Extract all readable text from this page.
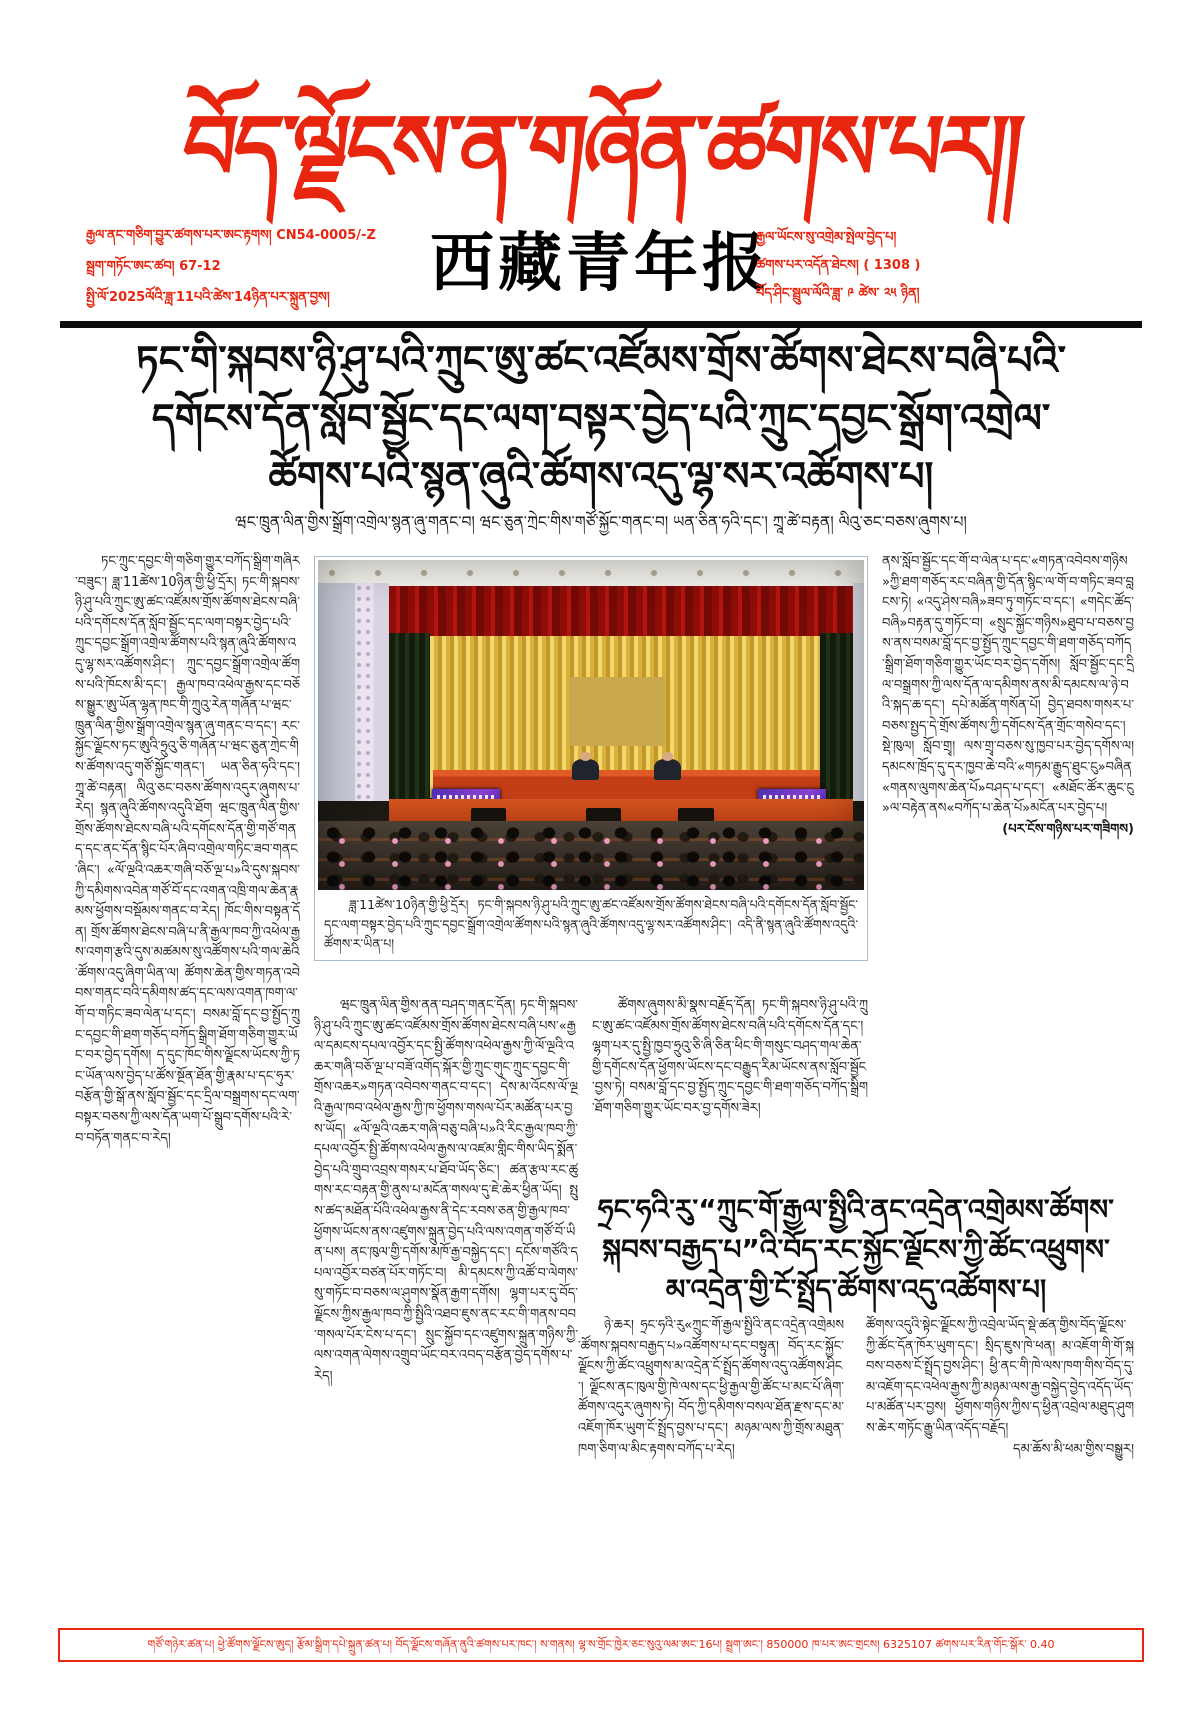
བོད་ལྗོངས་ན་གཞོན་ཚགས་པར།།
རྒྱལ་ནང་གཅིག་བྱུར་ཚགས་པར་ཨང་རྟགས། CN54-0005/-Z
སྦྲག་གཏོང་ཨང་ཚབ། 67-12
སྤྱི་ལོ་2025ལོའི་ཟླ་11པའི་ཚེས་14ཉིན་པར་སྐྲུན་བྱས།	西藏青年报
རྒྱལ་ཡོངས་སུ་འགྲེམ་སྤེལ་བྱེད་པ།
ཚགས་པར་འདོན་ཐེངས། ( 1308 )
བོད་ཤིང་སྦྲུལ་ལོའི་ཟླ་ ༩ ཚེས་ ༢༥ ཉིན།
ཏང་གི་སྐབས་ཉི་ཤུ་པའི་ཀྲུང་ཨུ་ཚང་འཛོམས་གྲོས་ཚོགས་ཐེངས་བཞི་པའི་
དགོངས་དོན་སློབ་སྦྱོང་དང་ལག་བསྟར་བྱེད་པའི་ཀྲུང་དབྱང་སྒྲོག་འགྲེལ་
ཚོགས་པའི་སྙན་ཞུའི་ཚོགས་འདུ་ལྷ་སར་འཚོགས་པ།
ཝང་ཁྲུན་ལིན་གྱིས་སྒྲོག་འགྲེལ་སྙན་ཞུ་གནང་བ། ཝང་ཅུན་ཀྲེང་གིས་གཙོ་སྐྱོང་གནང་བ། ཡན་ཅིན་ཧའི་དང་། ཀྲཱ་ཚེ་བརྟན། ལིའུ་ཅང་བཅས་ཞུགས་པ།

ཏང་ཀྲུང་དབྱང་གི་གཅིག་གྱུར་བཀོད་སྒྲིག་གཞིར་བཟུང་། ཟླ་11ཚེས་10ཉིན་གྱི་ཕྱི་དྲོར། ཏང་གི་སྐབས་ཉི་ཤུ་པའི་ཀྲུང་ཨུ་ཚང་འཛོམས་གྲོས་ཚོགས་ཐེངས་བཞི་པའི་དགོངས་དོན་སློབ་སྦྱོང་དང་ལག་བསྟར་བྱེད་པའི་ཀྲུང་དབྱང་སྒྲོག་འགྲེལ་ཚོགས་པའི་སྙན་ཞུའི་ཚོགས་འདུ་ལྷ་སར་འཚོགས་ཤིང་། ཀྲུང་དབྱང་སྒྲོག་འགྲེལ་ཚོགས་པའི་ཁོངས་མི་དང་། རྒྱལ་ཁབ་འཕེལ་རྒྱས་དང་བཅོས་སྒྱུར་ཨུ་ཡོན་ལྷན་ཁང་གི་ཀྲུའུ་རེན་གཞོན་པ་ཝང་ཁྲུན་ལིན་གྱིས་སྒྲོག་འགྲེལ་སྙན་ཞུ་གནང་བ་དང་། རང་སྐྱོང་ལྗོངས་ཏང་ཨུའི་ཧྲུའུ་ཅི་གཞོན་པ་ཝང་ཅུན་ཀྲེང་གིས་ཚོགས་འདུ་གཙོ་སྐྱོང་གནང་། ཡན་ཅིན་ཧའི་དང་། ཀྲཱ་ཚེ་བརྟན། ལིའུ་ཅང་བཅས་ཚོགས་འདུར་ཞུགས་པ་རེད། སྙན་ཞུའི་ཚོགས་འདུའི་ཐོག ཝང་ཁྲུན་ལིན་གྱིས་གྲོས་ཚོགས་ཐེངས་བཞི་པའི་དགོངས་དོན་གྱི་གཙོ་གནད་དང་ནང་དོན་སྙིང་པོར་ཞིབ་འགྲེལ་གཏིང་ཟབ་གནང་ཞིང་། «ལོ་ལྔའི་འཆར་གཞི་བཅོ་ལྔ་པ»འི་དུས་སྐབས་ཀྱི་དམིགས་འབེན་གཙོ་བོ་དང་འགན་འཁྲི་གལ་ཆེན་རྣམས་ཕྱོགས་བསྡོམས་གནང་བ་རེད། ཁོང་གིས་བསྟན་དོན། གྲོས་ཚོགས་ཐེངས་བཞི་པ་ནི་རྒྱལ་ཁབ་ཀྱི་འཕེལ་རྒྱས་འགག་རྩའི་དུས་མཚམས་སུ་འཚོགས་པའི་གལ་ཆེའི་ཚོགས་འདུ་ཞིག་ཡིན་ལ། ཚོགས་ཆེན་གྱིས་གཏན་འབེབས་གནང་བའི་དམིགས་ཚད་དང་ལས་འགན་ཁག་ལ་གོ་བ་གཏིང་ཟབ་ལེན་པ་དང་། བསམ་བློ་དང་བྱ་སྤྱོད་ཀྲུང་དབྱང་གི་ཐག་གཅོད་བཀོད་སྒྲིག་ཐོག་གཅིག་གྱུར་ཡོང་བར་བྱེད་དགོས། ད་དུང་ཁོང་གིས་ལྗོངས་ཡོངས་ཀྱི་ཏང་ཡོན་ལས་བྱེད་པ་ཚོས་སྔོན་ཐོན་གྱི་རྣམ་པ་དང་ཧུར་བརྩོན་གྱི་སྒོ་ནས་སློབ་སྦྱོང་དང་དྲིལ་བསྒྲགས་དང་ལག་བསྟར་བཅས་ཀྱི་ལས་དོན་ཡག་པོ་སྒྲུབ་དགོས་པའི་རེ་བ་བཏོན་གནང་བ་རེད།

ཝང་ཁྲུན་ལིན་གྱིས་ནན་བཤད་གནང་དོན། ཏང་གི་སྐབས་ཉི་ཤུ་པའི་ཀྲུང་ཨུ་ཚང་འཛོམས་གྲོས་ཚོགས་ཐེངས་བཞི་པས་«རྒྱལ་དམངས་དཔལ་འབྱོར་དང་སྤྱི་ཚོགས་འཕེལ་རྒྱས་ཀྱི་ལོ་ལྔའི་འཆར་གཞི་བཅོ་ལྔ་པ་བཟོ་འགོད་སྐོར་གྱི་ཀྲུང་གུང་ཀྲུང་དབྱང་གི་གྲོས་འཆར»གཏན་འབེབས་གནང་བ་དང་། དེས་མ་འོངས་ལོ་ལྔའི་རྒྱལ་ཁབ་འཕེལ་རྒྱས་ཀྱི་ཁ་ཕྱོགས་གསལ་པོར་མཚོན་པར་བྱས་ཡོད། «ལོ་ལྔའི་འཆར་གཞི་བཅུ་བཞི་པ»འི་རིང་རྒྱལ་ཁབ་ཀྱི་དཔལ་འབྱོར་སྤྱི་ཚོགས་འཕེལ་རྒྱས་ལ་འཛམ་གླིང་གིས་ཡིད་སྨོན་བྱེད་པའི་གྲུབ་འབྲས་གསར་པ་ཐོབ་ཡོད་ཅིང་། ཚན་རྩལ་རང་ཚུགས་རང་བརྟན་གྱི་ནུས་པ་མངོན་གསལ་དུ་ཇེ་ཆེར་ཕྱིན་ཡོད། སྤུས་ཚད་མཐོན་པོའི་འཕེལ་རྒྱས་ནི་དེང་རབས་ཅན་གྱི་རྒྱལ་ཁབ་ཕྱོགས་ཡོངས་ནས་འཛུགས་སྐྲུན་བྱེད་པའི་ལས་འགན་གཙོ་བོ་ཡིན་པས། ནང་ཁུལ་གྱི་དགོས་མཁོ་རྒྱ་བསྐྱེད་དང་། དངོས་གཙོའི་དཔལ་འབྱོར་བཙན་པོར་གཏོང་བ། མི་དམངས་ཀྱི་འཚོ་བ་ལེགས་སུ་གཏོང་བ་བཅས་ལ་ཤུགས་སྣོན་རྒྱག་དགོས། ལྷག་པར་དུ་བོད་ལྗོངས་ཀྱིས་རྒྱལ་ཁབ་ཀྱི་སྤྱིའི་འཐབ་ཇུས་ནང་རང་གི་གནས་བབ་གསལ་པོར་ངེས་པ་དང་། སྲུང་སྐྱོབ་དང་འཛུགས་སྐྲུན་གཉིས་ཀྱི་ལས་འགན་ལེགས་འགྲུབ་ཡོང་བར་འབད་བརྩོན་བྱེད་དགོས་པ་རེད།

ཚོགས་ཞུགས་མི་སྣས་བརྗོད་དོན། ཏང་གི་སྐབས་ཉི་ཤུ་པའི་ཀྲུང་ཨུ་ཚང་འཛོམས་གྲོས་ཚོགས་ཐེངས་བཞི་པའི་དགོངས་དོན་དང་། ལྷག་པར་དུ་སྤྱི་ཁྱབ་ཧྲུའུ་ཅི་ཞི་ཅིན་ཕིང་གི་གསུང་བཤད་གལ་ཆེན་གྱི་དགོངས་དོན་ཕྱོགས་ཡོངས་དང་བརྒྱུད་རིམ་ཡོངས་ནས་སློབ་སྦྱོང་བྱས་ཏེ། བསམ་བློ་དང་བྱ་སྤྱོད་ཀྲུང་དབྱང་གི་ཐག་གཅོད་བཀོད་སྒྲིག་ཐོག་གཅིག་གྱུར་ཡོང་བར་བྱ་དགོས་ཟེར།

ནས་སློབ་སྦྱོང་དང་གོ་བ་ལེན་པ་དང་«གཏན་འབེབས་གཉིས»ཀྱི་ཐག་གཅོད་རང་བཞིན་གྱི་དོན་སྙིང་ལ་གོ་བ་གཏིང་ཟབ་བླངས་ཏེ། «འདུ་ཤེས་བཞི»ཟབ་ཏུ་གཏོང་བ་དང་། «གདེང་ཚོད་བཞི»བརྟན་དུ་གཏོང་བ། «སྲུང་སྐྱོང་གཉིས»ཐུབ་པ་བཅས་བྱས་ནས་བསམ་བློ་དང་བྱ་སྤྱོད་ཀྲུང་དབྱང་གི་ཐག་གཅོད་བཀོད་སྒྲིག་ཐོག་གཅིག་གྱུར་ཡོང་བར་བྱེད་དགོས། སློབ་སྦྱོང་དང་དྲིལ་བསྒྲགས་ཀྱི་ལས་དོན་ལ་དམིགས་ནས་མི་དམངས་ལ་ཉེ་བའི་སྐད་ཆ་དང་། དཔེ་མཚོན་གསོན་པོ། བྱེད་ཐབས་གསར་པ་བཅས་སྤྱད་དེ་གྲོས་ཚོགས་ཀྱི་དགོངས་དོན་གྲོང་གསེབ་དང་། སྡེ་ཁུལ། སློབ་གྲྭ། ལས་གྲྭ་བཅས་སུ་ཁྱབ་པར་བྱེད་དགོས་ལ། དམངས་ཁྲོད་དུ་དར་ཁྱབ་ཆེ་བའི་«གཏམ་རྒྱུད་ཐུང་ངུ»བཞིན«གནས་ལུགས་ཆེན་པོ»བཤད་པ་དང་། «མཐོང་ཚོར་ཆུང་ངུ»ལ་བརྟེན་ནས«བཀོད་པ་ཆེན་པོ»མངོན་པར་བྱེད་པ།

(པར་ངོས་གཉིས་པར་གཟིགས)

ཟླ་11ཚེས་10ཉིན་གྱི་ཕྱི་དྲོར། ཏང་གི་སྐབས་ཉི་ཤུ་པའི་ཀྲུང་ཨུ་ཚང་འཛོམས་གྲོས་ཚོགས་ཐེངས་བཞི་པའི་དགོངས་དོན་སློབ་སྦྱོང་དང་ལག་བསྟར་བྱེད་པའི་ཀྲུང་དབྱང་སྒྲོག་འགྲེལ་ཚོགས་པའི་སྙན་ཞུའི་ཚོགས་འདུ་ལྷ་སར་འཚོགས་ཤིང་། འདི་ནི་སྙན་ཞུའི་ཚོགས་འདུའི་ཚོགས་ར་ཡིན་པ།
ཧྲང་ཧའི་རུ་“ཀྲུང་གོ་རྒྱལ་སྤྱིའི་ནང་འདྲེན་འགྲེམས་ཚོགས་
སྐབས་བརྒྱད་པ”འི་བོད་རང་སྐྱོང་ལྗོངས་ཀྱི་ཚོང་འཕྲུགས་
མ་འདྲེན་གྱི་ངོ་སྤྲོད་ཚོགས་འདུ་འཚོགས་པ།

ཉེ་ཆར། ཧྲང་ཧའི་རུ«ཀྲུང་གོ་རྒྱལ་སྤྱིའི་ནང་འདྲེན་འགྲེམས་ཚོགས་སྐབས་བརྒྱད་པ»འཚོགས་པ་དང་བསྟུན། བོད་རང་སྐྱོང་ལྗོངས་ཀྱི་ཚོང་འཕྲུགས་མ་འདྲེན་ངོ་སྤྲོད་ཚོགས་འདུ་འཚོགས་ཤིང་། ལྗོངས་ནང་ཁུལ་གྱི་ཁེ་ལས་དང་ཕྱི་རྒྱལ་གྱི་ཚོང་པ་མང་པོ་ཞིག་ཚོགས་འདུར་ཞུགས་ཏེ། བོད་ཀྱི་དམིགས་བསལ་ཐོན་རྫས་དང་མ་འཇོག་ཁོར་ཡུག་ངོ་སྤྲོད་བྱས་པ་དང་། མཉམ་ལས་ཀྱི་གྲོས་མཐུན་ཁག་ཅིག་ལ་མིང་རྟགས་བཀོད་པ་རེད།

ཚོགས་འདུའི་སྟེང་ལྗོངས་ཀྱི་འབྲེལ་ཡོད་སྡེ་ཚན་གྱིས་བོད་ལྗོངས་ཀྱི་ཚོང་དོན་ཁོར་ཡུག་དང་། སྲིད་ཇུས་ཁེ་ཕན། མ་འཇོག་གི་གོ་སྐབས་བཅས་ངོ་སྤྲོད་བྱས་ཤིང་། ཕྱི་ནང་གི་ཁེ་ལས་ཁག་གིས་བོད་དུ་མ་འཇོག་དང་འཕེལ་རྒྱས་ཀྱི་མཉམ་ལས་རྒྱ་བསྐྱེད་བྱེད་འདོད་ཡོད་པ་མཚོན་པར་བྱས། ཕྱོགས་གཉིས་ཀྱིས་ད་ཕྱིན་འབྲེལ་མཐུད་ཤུགས་ཆེར་གཏོང་རྒྱུ་ཡིན་འདོད་བརྗོད།

དམ་ཆོས་མི་ཕམ་གྱིས་བསྒྱུར།

གཙོ་གཉེར་ཚན་པ། ཕྱེ་ཚོགས་ལྗོངས་ཨུད། རྩོམ་སྒྲིག་དཔེ་སྐྲུན་ཚན་པ། བོད་ལྗོངས་གཞོན་ནུའི་ཚགས་པར་ཁང་། ས་གནས། ལྷ་ས་གྲོང་ཁྱེར་ཅང་སུའུ་ལམ་ཨང་16པ། སྦྲག་ཨང་། 850000 ཁ་པར་ཨང་གྲངས། 6325107 ཚགས་པར་རིན་གོང་སྒོར་ 0.40
